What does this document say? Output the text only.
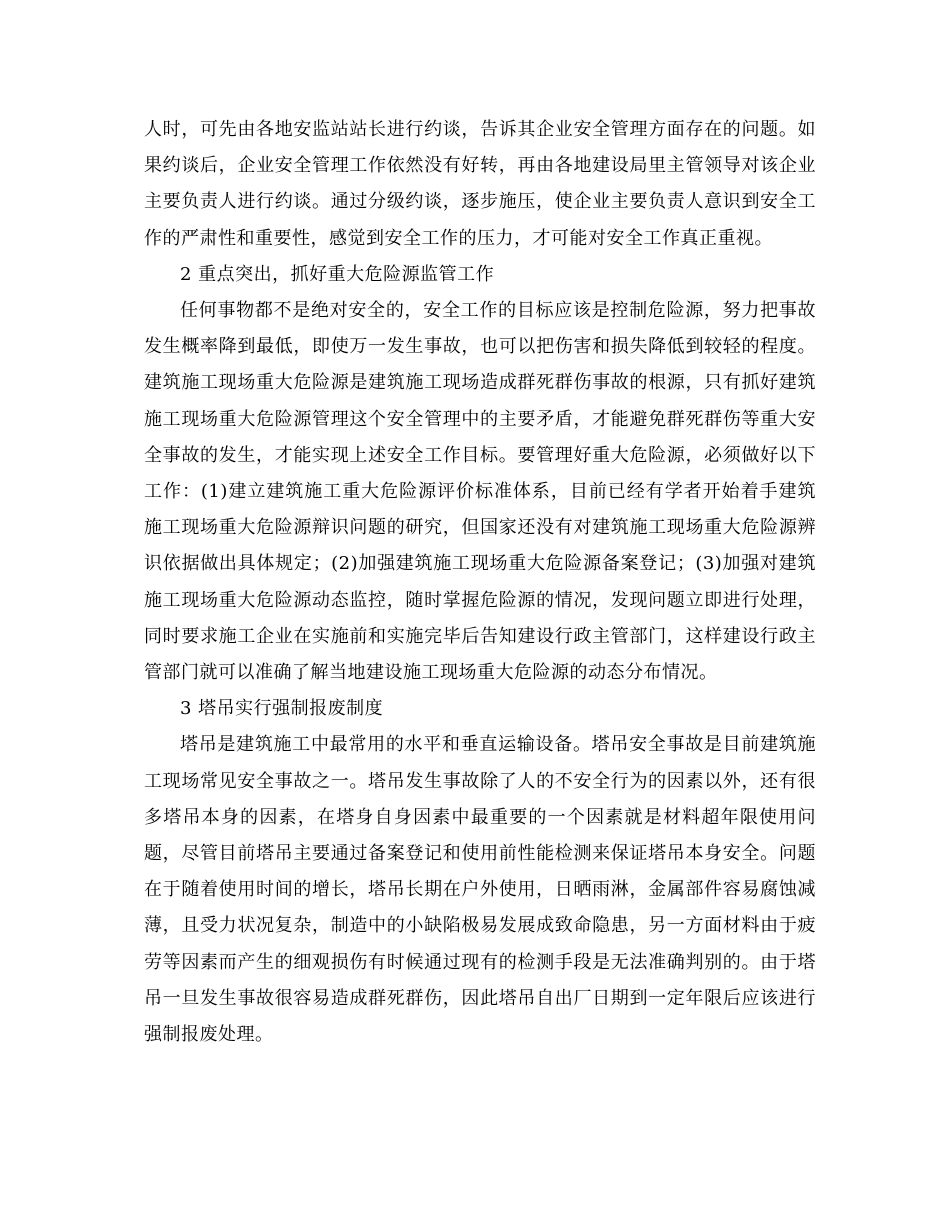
人时，可先由各地安监站站长进行约谈，告诉其企业安全管理方面存在的问题。如果约谈后，企业安全管理工作依然没有好转，再由各地建设局里主管领导对该企业主要负责人进行约谈。通过分级约谈，逐步施压，使企业主要负责人意识到安全工作的严肃性和重要性，感觉到安全工作的压力，才可能对安全工作真正重视。

2 重点突出，抓好重大危险源监管工作

任何事物都不是绝对安全的，安全工作的目标应该是控制危险源，努力把事故发生概率降到最低，即使万一发生事故，也可以把伤害和损失降低到较轻的程度。建筑施工现场重大危险源是建筑施工现场造成群死群伤事故的根源，只有抓好建筑施工现场重大危险源管理这个安全管理中的主要矛盾，才能避免群死群伤等重大安全事故的发生，才能实现上述安全工作目标。要管理好重大危险源，必须做好以下工作：(1)建立建筑施工重大危险源评价标准体系，目前已经有学者开始着手建筑施工现场重大危险源辩识问题的研究，但国家还没有对建筑施工现场重大危险源辨识依据做出具体规定；(2)加强建筑施工现场重大危险源备案登记；(3)加强对建筑施工现场重大危险源动态监控，随时掌握危险源的情况，发现问题立即进行处理，同时要求施工企业在实施前和实施完毕后告知建设行政主管部门，这样建设行政主管部门就可以准确了解当地建设施工现场重大危险源的动态分布情况。

3 塔吊实行强制报废制度

塔吊是建筑施工中最常用的水平和垂直运输设备。塔吊安全事故是目前建筑施工现场常见安全事故之一。塔吊发生事故除了人的不安全行为的因素以外，还有很多塔吊本身的因素，在塔身自身因素中最重要的一个因素就是材料超年限使用问题，尽管目前塔吊主要通过备案登记和使用前性能检测来保证塔吊本身安全。问题在于随着使用时间的增长，塔吊长期在户外使用，日晒雨淋，金属部件容易腐蚀减薄，且受力状况复杂，制造中的小缺陷极易发展成致命隐患，另一方面材料由于疲劳等因素而产生的细观损伤有时候通过现有的检测手段是无法准确判别的。由于塔吊一旦发生事故很容易造成群死群伤，因此塔吊自出厂日期到一定年限后应该进行强制报废处理。
